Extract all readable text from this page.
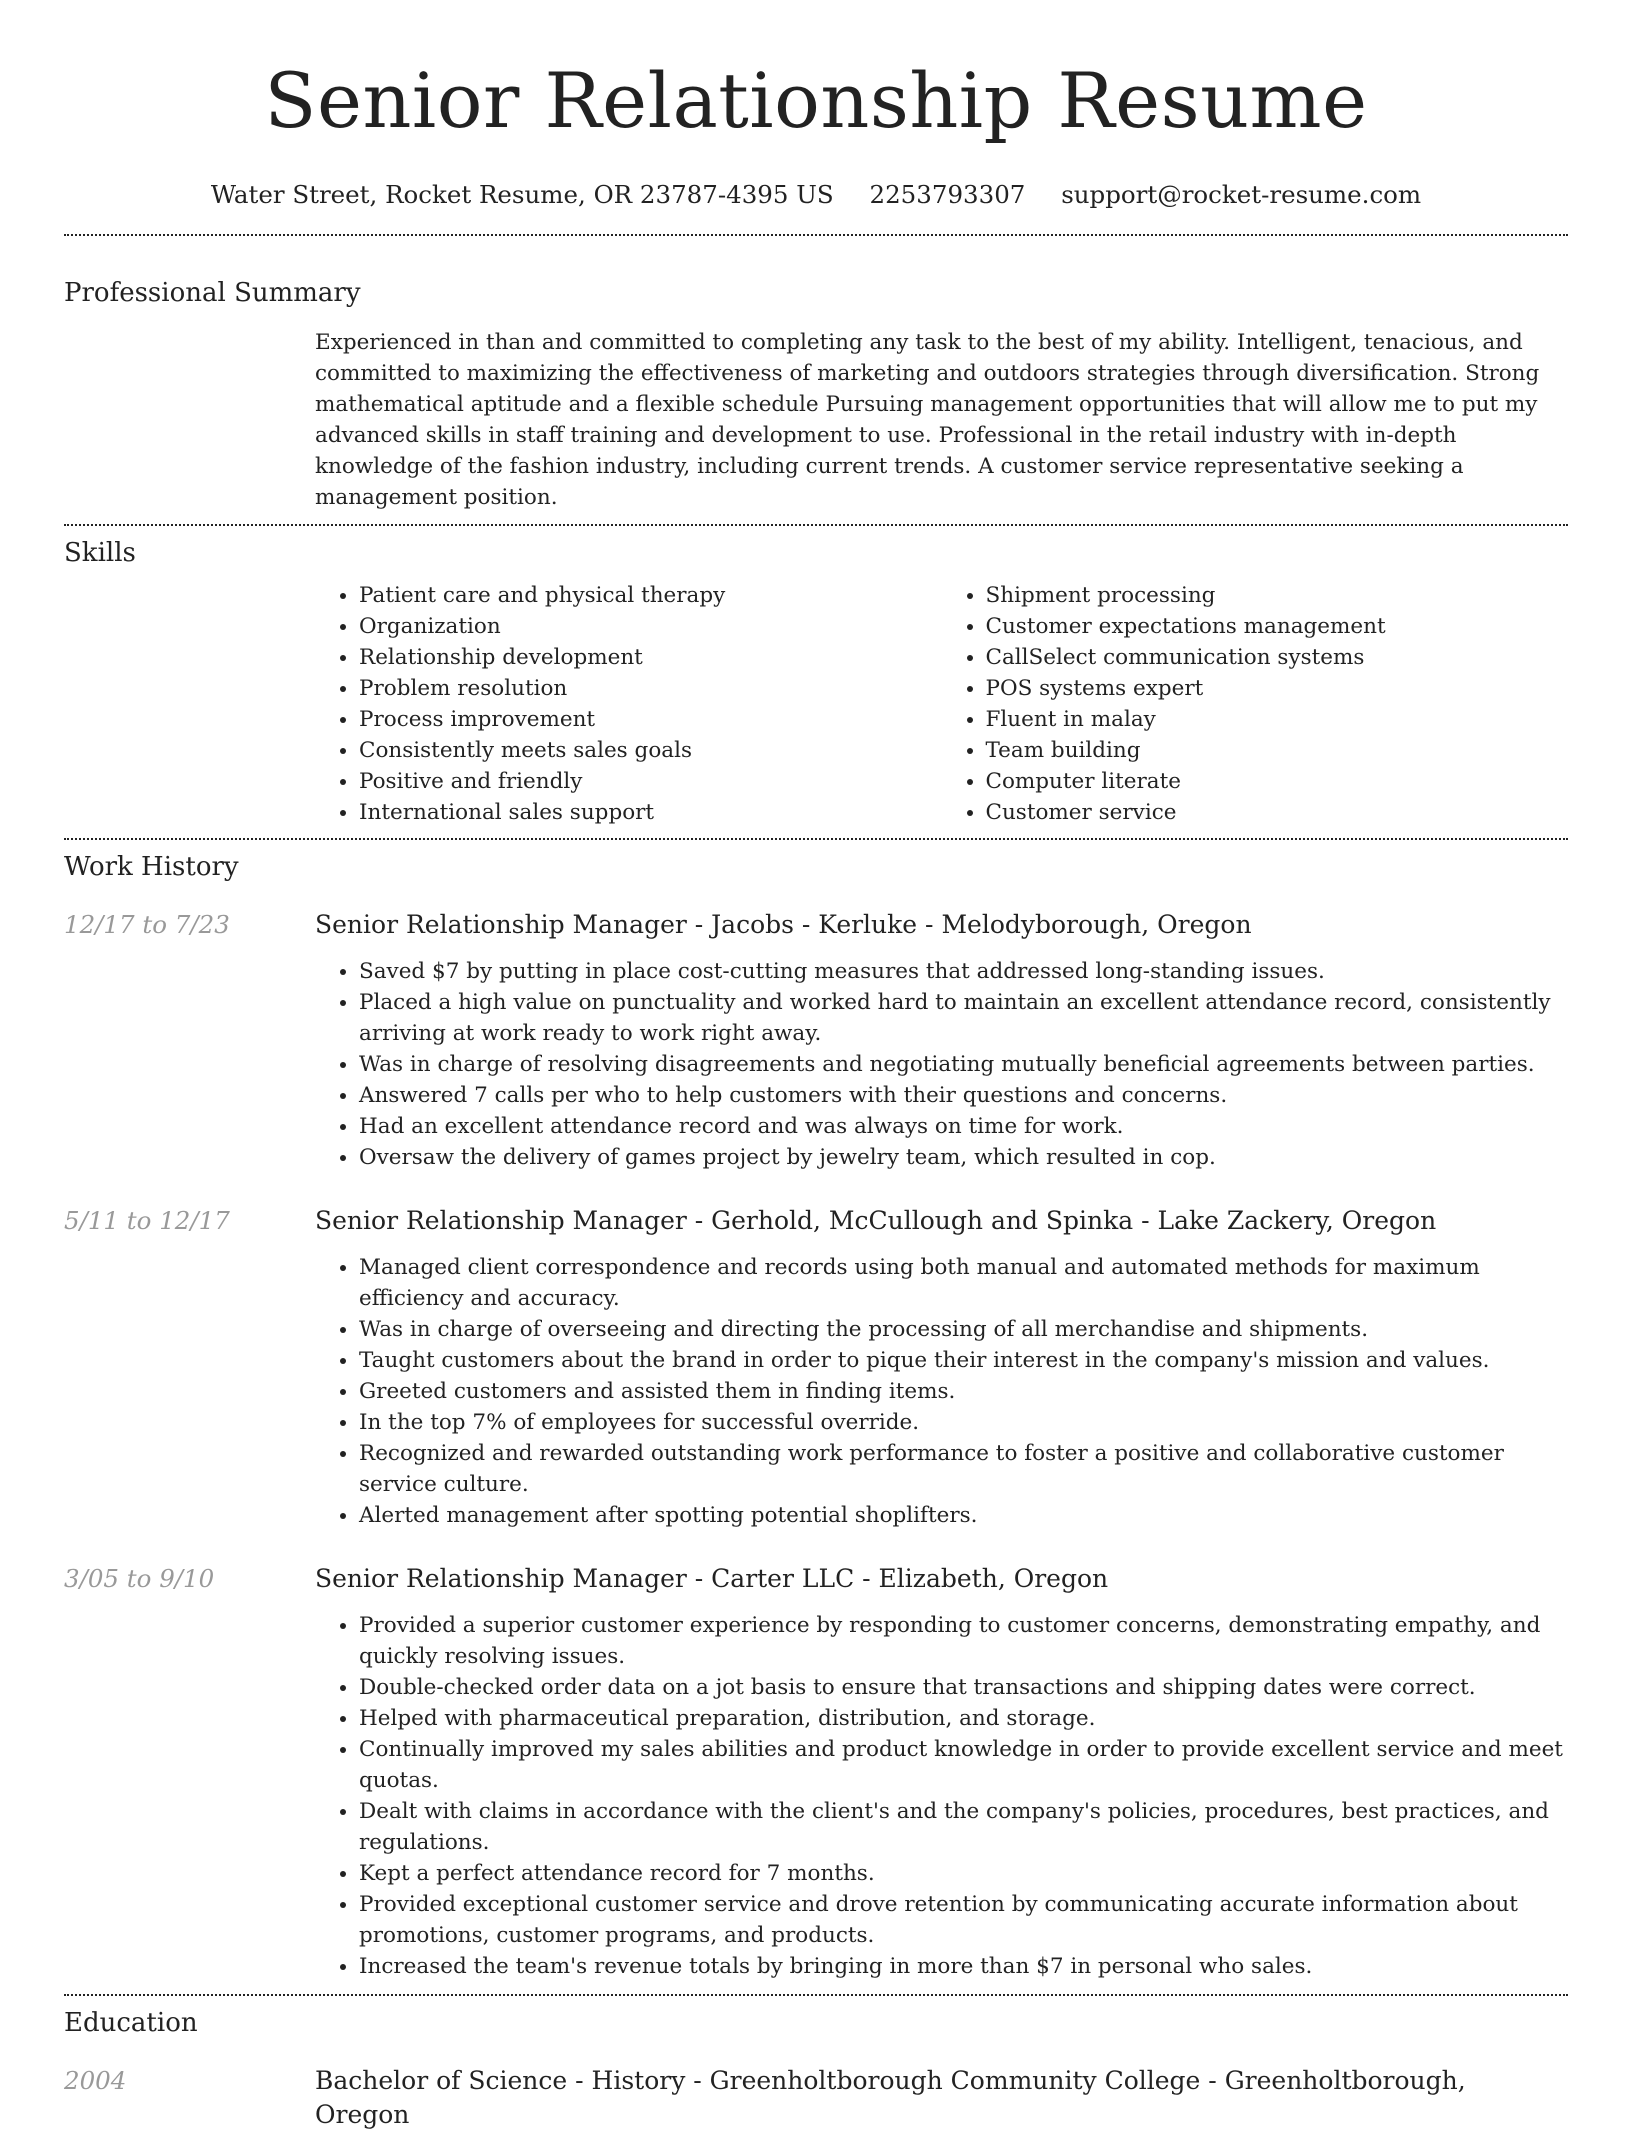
Senior Relationship Resume
Water Street, Rocket Resume, OR 23787-4395 US 2253793307 support@rocket-resume.com
Professional Summary

Experienced in than and committed to completing any task to the best of my ability. Intelligent, tenacious, and committed to maximizing the effectiveness of marketing and outdoors strategies through diversification. Strong mathematical aptitude and a flexible schedule Pursuing management opportunities that will allow me to put my advanced skills in staff training and development to use. Professional in the retail industry with in-depth knowledge of the fashion industry, including current trends. A customer service representative seeking a management position.

Skills
• Patient care and physical therapy
• Organization
• Relationship development
• Problem resolution
• Process improvement
• Consistently meets sales goals
• Positive and friendly
• International sales support
• Shipment processing
• Customer expectations management
• CallSelect communication systems
• POS systems expert
• Fluent in malay
• Team building
• Computer literate
• Customer service
Work History
12/17 to 7/23	Senior Relationship Manager - Jacobs - Kerluke - Melodyborough, Oregon
• Saved $7 by putting in place cost-cutting measures that addressed long-standing issues.
• Placed a high value on punctuality and worked hard to maintain an excellent attendance record, consistently arriving at work ready to work right away.
• Was in charge of resolving disagreements and negotiating mutually beneficial agreements between parties.
• Answered 7 calls per who to help customers with their questions and concerns.
• Had an excellent attendance record and was always on time for work.
• Oversaw the delivery of games project by jewelry team, which resulted in cop.
5/11 to 12/17	Senior Relationship Manager - Gerhold, McCullough and Spinka - Lake Zackery, Oregon
• Managed client correspondence and records using both manual and automated methods for maximum efficiency and accuracy.
• Was in charge of overseeing and directing the processing of all merchandise and shipments.
• Taught customers about the brand in order to pique their interest in the company's mission and values.
• Greeted customers and assisted them in finding items.
• In the top 7% of employees for successful override.
• Recognized and rewarded outstanding work performance to foster a positive and collaborative customer service culture.
• Alerted management after spotting potential shoplifters.
3/05 to 9/10	Senior Relationship Manager - Carter LLC - Elizabeth, Oregon
• Provided a superior customer experience by responding to customer concerns, demonstrating empathy, and quickly resolving issues.
• Double-checked order data on a jot basis to ensure that transactions and shipping dates were correct.
• Helped with pharmaceutical preparation, distribution, and storage.
• Continually improved my sales abilities and product knowledge in order to provide excellent service and meet quotas.
• Dealt with claims in accordance with the client's and the company's policies, procedures, best practices, and regulations.
• Kept a perfect attendance record for 7 months.
• Provided exceptional customer service and drove retention by communicating accurate information about promotions, customer programs, and products.
• Increased the team's revenue totals by bringing in more than $7 in personal who sales.
Education
2004	Bachelor of Science - History - Greenholtborough Community College - Greenholtborough, Oregon
